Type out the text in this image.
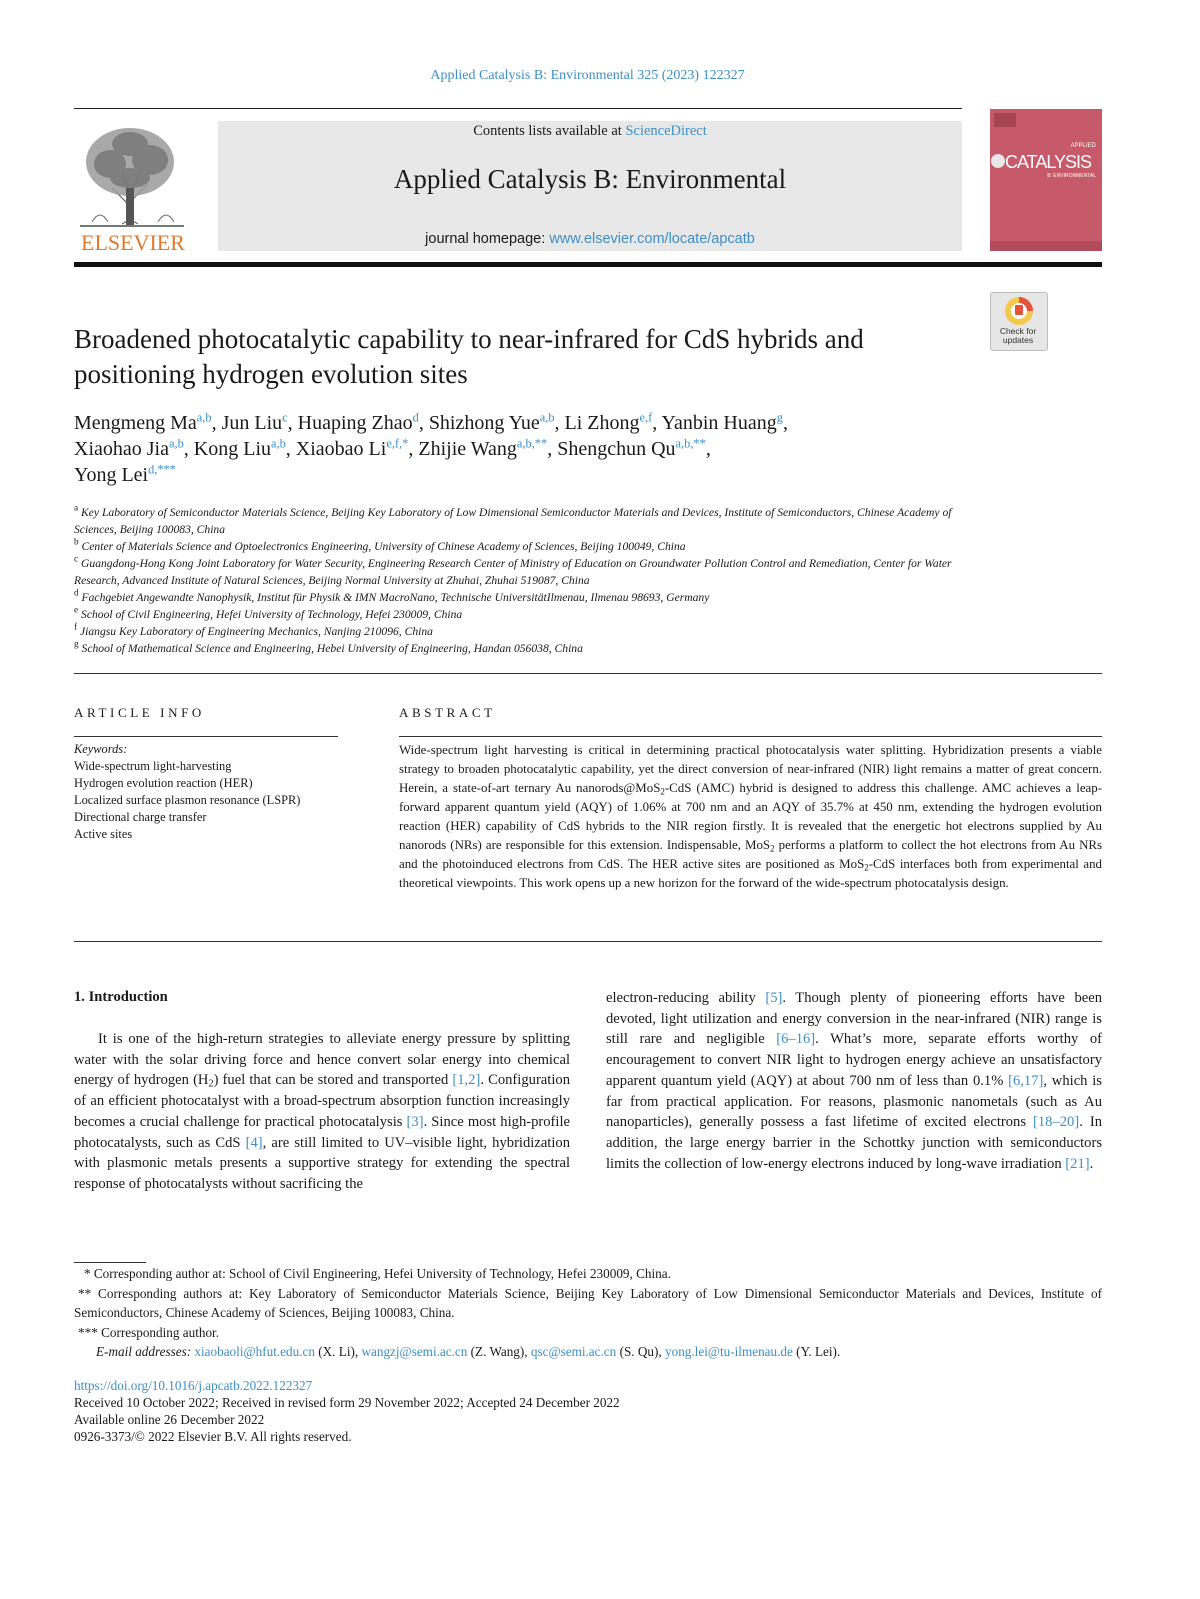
Applied Catalysis B: Environmental 325 (2023) 122327
ELSEVIER
Contents lists available at ScienceDirect
Applied Catalysis B: Environmental
journal homepage: www.elsevier.com/locate/apcatb
APPLIED
CATALYSIS
B: ENVIRONMENTAL
Check for
updates
Broadened photocatalytic capability to near-infrared for CdS hybrids and positioning hydrogen evolution sites
Mengmeng Ma$^{a,b}$, Jun Liu$^c$, Huaping Zhao$^d$, Shizhong Yue$^{a,b}$, Li Zhong$^{e,f}$, Yanbin Huang$^g$,
Xiaohao Jia$^{a,b}$, Kong Liu$^{a,b}$, Xiaobao $Li^{e,f,*}$, Zhijie Wang$^{a,b,**}$, Shengchun $Qu^{a,b,**}$,
Yong Lei$^{d,***}$
$^a$ Key Laboratory of Semiconductor Materials Science, Beijing Key Laboratory of Low Dimensional Semiconductor Materials and Devices, Institute of Semiconductors, Chinese Academy of Sciences, Beijing 100083, China
$^b$ Center of Materials Science and Optoelectronics Engineering, University of Chinese Academy of Sciences, Beijing 100049, China
$^c$ Guangdong-Hong Kong Joint Laboratory for Water Security, Engineering Research Center of Ministry of Education on Groundwater Pollution Control and Remediation, Center for Water Research, Advanced Institute of Natural Sciences, Beijing Normal University at Zhuhai, Zhuhai 519087, China
$^d$ Fachgebiet Angewandte Nanophysik, Institut für Physik & IMN MacroNano, Technische UniversitätIlmenau, Ilmenau 98693, Germany
$^e$ School of Civil Engineering, Hefei University of Technology, Hefei 230009, China
$^f$ Jiangsu Key Laboratory of Engineering Mechanics, Nanjing 210096, China
$^g$ School of Mathematical Science and Engineering, Hebei University of Engineering, Handan 056038, China
ARTICLE INFO	ABSTRACT
Keywords:
Wide-spectrum light-harvesting
Hydrogen evolution reaction (HER)
Localized surface plasmon resonance (LSPR)
Directional charge transfer
Active sites
Wide-spectrum light harvesting is critical in determining practical photocatalysis water splitting. Hybridization presents a viable strategy to broaden photocatalytic capability, yet the direct conversion of near-infrared (NIR) light remains a matter of great concern. Herein, a state-of-art ternary Au nanorods@MoS$_2$-CdS (AMC) hybrid is designed to address this challenge. AMC achieves a leap-forward apparent quantum yield (AQY) of 1.06% at 700 nm and an AQY of 35.7% at 450 nm, extending the hydrogen evolution reaction (HER) capability of CdS hybrids to the NIR region firstly. It is revealed that the energetic hot electrons supplied by Au nanorods (NRs) are responsible for this extension. Indispensable, MoS$_2$ performs a platform to collect the hot electrons from Au NRs and the photoinduced electrons from CdS. The HER active sites are positioned as MoS$_2$-CdS interfaces both from experimental and theoretical viewpoints. This work opens up a new horizon for the forward of the wide-spectrum photocatalysis design.
1. Introduction
It is one of the high-return strategies to alleviate energy pressure by splitting water with the solar driving force and hence convert solar energy into chemical energy of hydrogen $(H_2)$ fuel that can be stored and transported [1,2]. Configuration of an efficient photocatalyst with a broad-spectrum absorption function increasingly becomes a crucial challenge for practical photocatalysis [3]. Since most high-profile photocatalysts, such as CdS [4], are still limited to UV–visible light, hybridization with plasmonic metals presents a supportive strategy for extending the spectral response of photocatalysts without sacrificing the
electron-reducing ability [5]. Though plenty of pioneering efforts have been devoted, light utilization and energy conversion in the near-infrared (NIR) range is still rare and negligible [6–16]. What’s more, separate efforts worthy of encouragement to convert NIR light to hydrogen energy achieve an unsatisfactory apparent quantum yield (AQY) at about 700 nm of less than 0.1% [6,17], which is far from practical application. For reasons, plasmonic nanometals (such as Au nanoparticles), generally possess a fast lifetime of excited electrons [18–20]. In addition, the large energy barrier in the Schottky junction with semiconductors limits the collection of low-energy electrons induced by long-wave irradiation [21].
* Corresponding author at: School of Civil Engineering, Hefei University of Technology, Hefei 230009, China.
** Corresponding authors at: Key Laboratory of Semiconductor Materials Science, Beijing Key Laboratory of Low Dimensional Semiconductor Materials and Devices, Institute of Semiconductors, Chinese Academy of Sciences, Beijing 100083, China.
*** Corresponding author.
E-mail addresses: xiaobaoli@hfut.edu.cn (X. Li), wangzj@semi.ac.cn (Z. Wang), qsc@semi.ac.cn (S. Qu), yong.lei@tu-ilmenau.de (Y. Lei).
https://doi.org/10.1016/j.apcatb.2022.122327
Received 10 October 2022; Received in revised form 29 November 2022; Accepted 24 December 2022
Available online 26 December 2022
0926-3373/© 2022 Elsevier B.V. All rights reserved.
